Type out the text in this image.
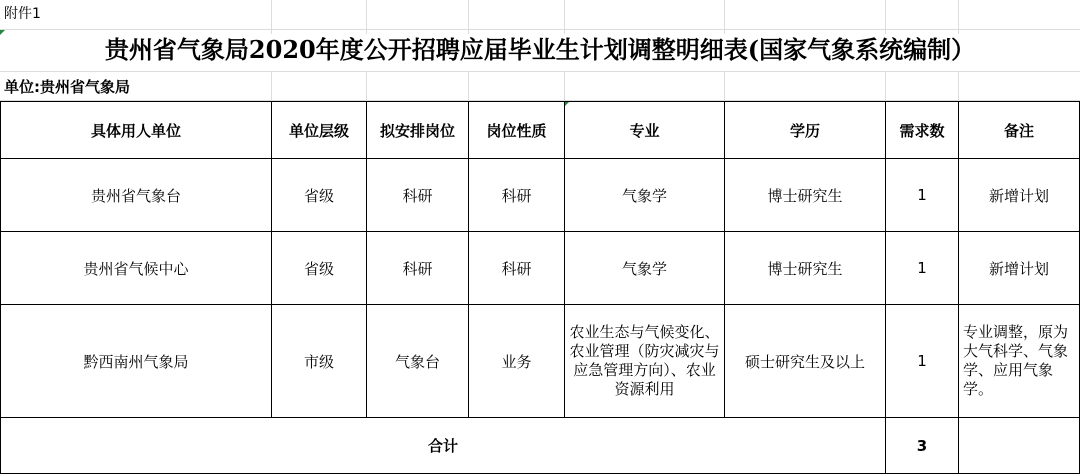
附件1
贵州省气象局2020年度公开招聘应届毕业生计划调整明细表(国家气象系统编制）
单位:贵州省气象局
具体用人单位	单位层级	拟安排岗位	岗位性质	专业	学历	需求数	备注
贵州省气象台	省级	科研	科研	气象学	博士研究生	1	新增计划
贵州省气候中心	省级	科研	科研	气象学	博士研究生	1	新增计划
黔西南州气象局	市级	气象台	业务	农业生态与气候变化、农业管理（防灾减灾与应急管理方向）、农业资源利用	硕士研究生及以上	1	专业调整，原为大气科学、气象学、应用气象学。
合计						3	
